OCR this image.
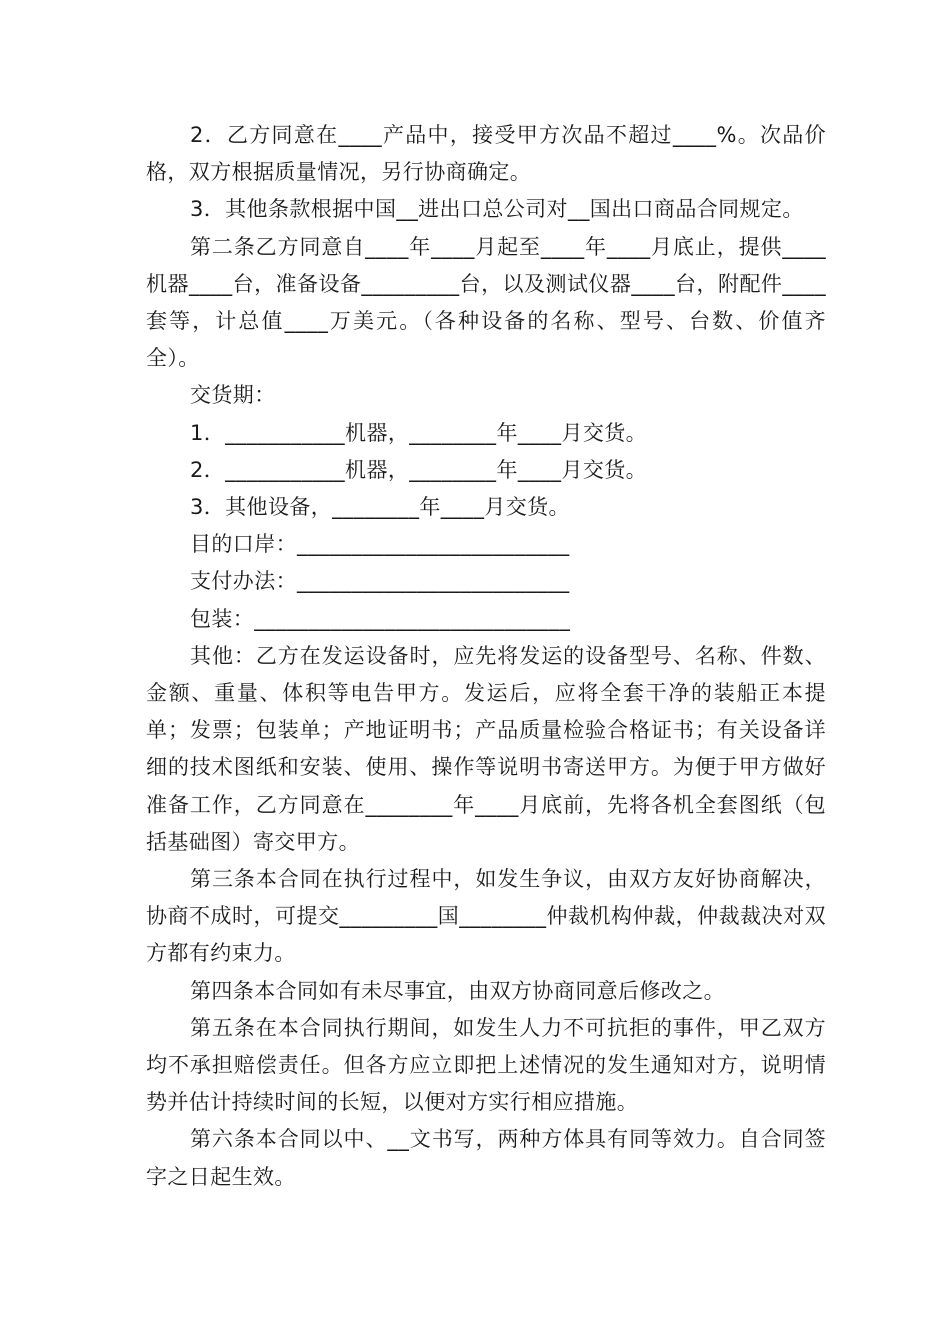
2．乙方同意在____产品中，接受甲方次品不超过____%。次品价格，双方根据质量情况，另行协商确定。

3．其他条款根据中国__进出口总公司对__国出口商品合同规定。

第二条乙方同意自____年____月起至____年____月底止，提供____机器____台，准备设备_________台，以及测试仪器____台，附配件____套等，计总值____万美元。（各种设备的名称、型号、台数、价值齐全）。

交货期：

1．___________机器，________年____月交货。

2．___________机器，________年____月交货。

3．其他设备，________年____月交货。

目的口岸：_________________________

支付办法：_________________________

包装：_____________________________

其他：乙方在发运设备时，应先将发运的设备型号、名称、件数、金额、重量、体积等电告甲方。发运后，应将全套干净的装船正本提单；发票；包装单；产地证明书；产品质量检验合格证书；有关设备详细的技术图纸和安装、使用、操作等说明书寄送甲方。为便于甲方做好准备工作，乙方同意在________年____月底前，先将各机全套图纸（包括基础图）寄交甲方。

第三条本合同在执行过程中，如发生争议，由双方友好协商解决，协商不成时，可提交_________国________仲裁机构仲裁，仲裁裁决对双方都有约束力。

第四条本合同如有未尽事宜，由双方协商同意后修改之。

第五条在本合同执行期间，如发生人力不可抗拒的事件，甲乙双方均不承担赔偿责任。但各方应立即把上述情况的发生通知对方，说明情势并估计持续时间的长短，以便对方实行相应措施。

第六条本合同以中、__文书写，两种方体具有同等效力。自合同签字之日起生效。
